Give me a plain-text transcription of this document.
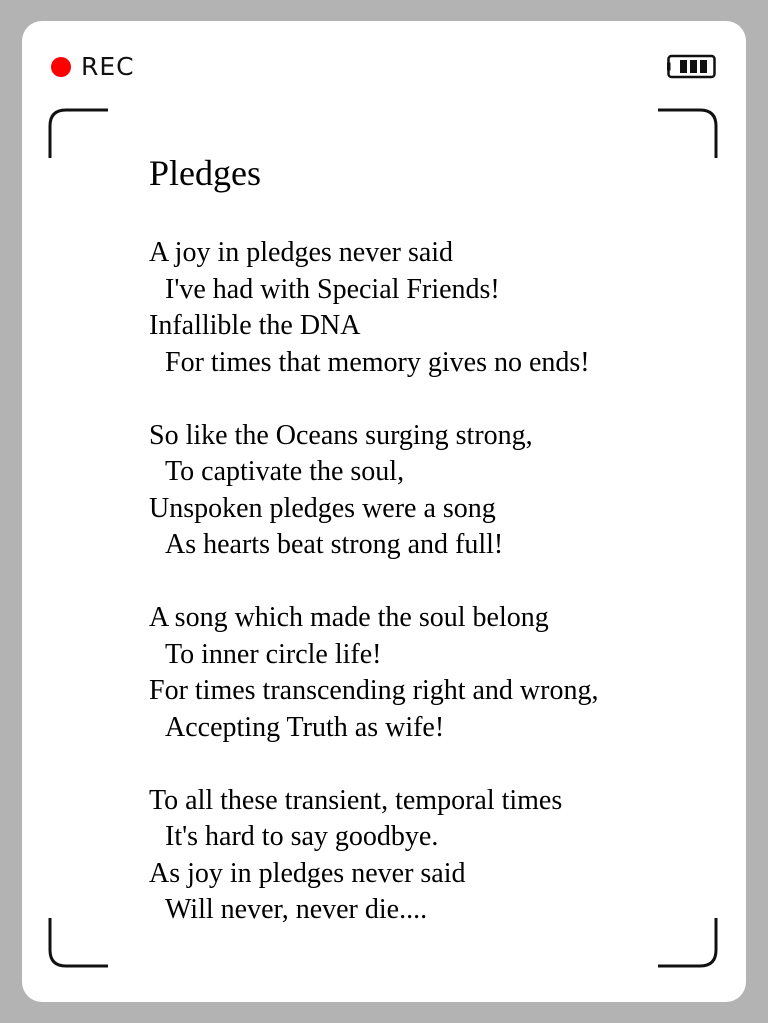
REC
Pledges
A joy in pledges never said
I've had with Special Friends!
Infallible the DNA
For times that memory gives no ends!
So like the Oceans surging strong,
To captivate the soul,
Unspoken pledges were a song
As hearts beat strong and full!
A song which made the soul belong
To inner circle life!
For times transcending right and wrong,
Accepting Truth as wife!
To all these transient, temporal times
It's hard to say goodbye.
As joy in pledges never said
Will never, never die....
